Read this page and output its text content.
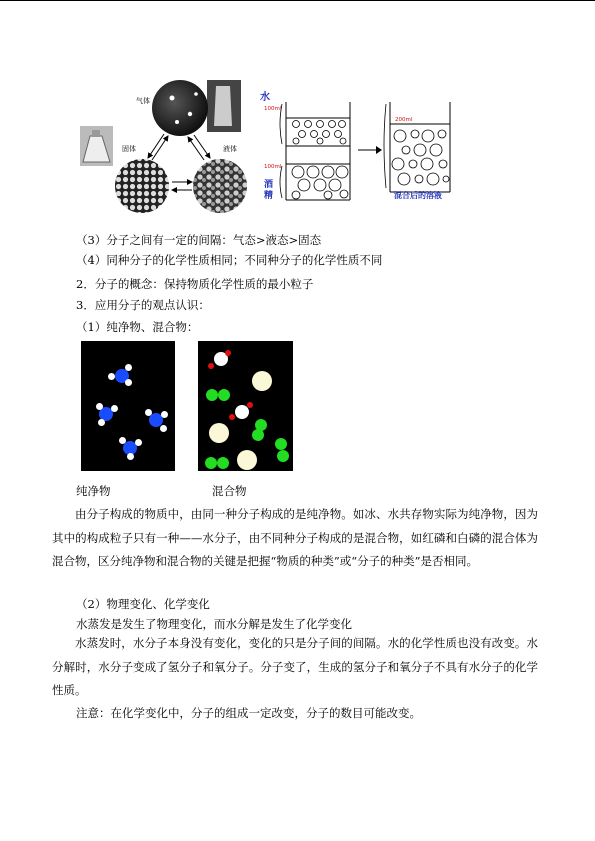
气体
固体	液体
水
100ml
100ml
酒精
200ml
混合后的溶液
（3）分子之间有一定的间隔：气态>液态>固态
（4）同种分子的化学性质相同；不同种分子的化学性质不同
2．分子的概念：保持物质化学性质的最小粒子
3．应用分子的观点认识：
（1）纯净物、混合物：
纯净物	混合物
由分子构成的物质中，由同一种分子构成的是纯净物。如冰、水共存物实际为纯净物，因为其中的构成粒子只有一种——水分子，由不同种分子构成的是混合物，如红磷和白磷的混合体为混合物，区分纯净物和混合物的关键是把握“物质的种类”或“分子的种类”是否相同。
（2）物理变化、化学变化
水蒸发是发生了物理变化，而水分解是发生了化学变化
水蒸发时，水分子本身没有变化，变化的只是分子间的间隔。水的化学性质也没有改变。水分解时，水分子变成了氢分子和氧分子。分子变了，生成的氢分子和氧分子不具有水分子的化学性质。
注意：在化学变化中，分子的组成一定改变，分子的数目可能改变。
